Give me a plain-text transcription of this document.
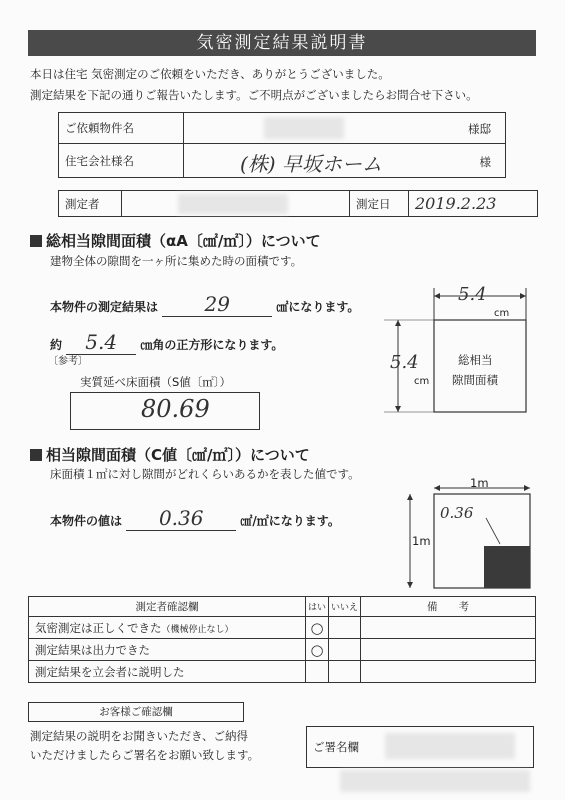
気密測定結果説明書
本日は住宅 気密測定のご依頼をいただき、ありがとうございました。
測定結果を下記の通りご報告いたします。ご不明点がございましたらお問合せ下さい。
ご依頼物件名	様邸

住宅会社様名	(株) 早坂ホーム 様
測定者		測定日	2019.2.23
総相当隙間面積（αA〔㎠/㎡〕）について
建物全体の隙間を一ヶ所に集めた時の面積です。
本物件の測定結果は 29	㎠になります。
約 5.4 ㎝角の正方形になります。
〔参考〕
実質延べ床面積（S値〔㎡〕）
80.69
5.4
cm
5.4
cm
総相当
隙間面積
相当隙間面積（C値〔㎠/㎡〕）について
床面積１㎡に対し隙間がどれくらいあるかを表した値です。
本物件の値は 0.36	㎠/㎡になります。
1m
1m
0.36
測定者確認欄	はい	いいえ	備　　考
気密測定は正しくできた（機械停止なし）	○		
測定結果は出力できた	○		
測定結果を立会者に説明した			
お客様ご確認欄
測定結果の説明をお聞きいただき、ご納得
いただけましたらご署名をお願い致します。
ご署名欄
